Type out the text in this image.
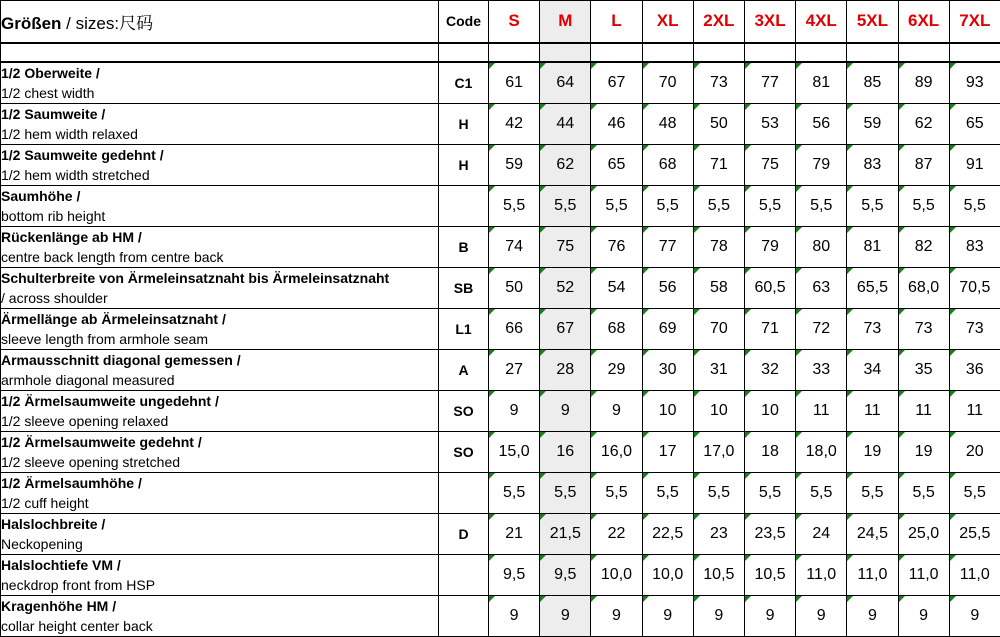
Größen / sizes:尺码	Code	S	M	L	XL	2XL	3XL	4XL	5XL	6XL	7XL

1/2 Oberweite /
1/2 chest width	C1	61	64	67	70	73	77	81	85	89	93

1/2 Saumweite /
1/2 hem width relaxed	H	42	44	46	48	50	53	56	59	62	65

1/2 Saumweite gedehnt /
1/2 hem width stretched	H	59	62	65	68	71	75	79	83	87	91

Saumhöhe /
bottom rib height		5,5	5,5	5,5	5,5	5,5	5,5	5,5	5,5	5,5	5,5

Rückenlänge ab HM /
centre back length from centre back	B	74	75	76	77	78	79	80	81	82	83

Schulterbreite von Ärmeleinsatznaht bis Ärmeleinsatznaht
/ across shoulder	SB	50	52	54	56	58	60,5	63	65,5	68,0	70,5

Ärmellänge ab Ärmeleinsatznaht /
sleeve length from armhole seam	L1	66	67	68	69	70	71	72	73	73	73

Armausschnitt diagonal gemessen /
armhole diagonal measured	A	27	28	29	30	31	32	33	34	35	36

1/2 Ärmelsaumweite ungedehnt /
1/2 sleeve opening relaxed	SO	9	9	9	10	10	10	11	11	11	11

1/2 Ärmelsaumweite gedehnt /
1/2 sleeve opening stretched	SO	15,0	16	16,0	17	17,0	18	18,0	19	19	20

1/2 Ärmelsaumhöhe /
1/2 cuff height		5,5	5,5	5,5	5,5	5,5	5,5	5,5	5,5	5,5	5,5

Halslochbreite /
Neckopening	D	21	21,5	22	22,5	23	23,5	24	24,5	25,0	25,5

Halslochtiefe VM /
neckdrop front from HSP		9,5	9,5	10,0	10,0	10,5	10,5	11,0	11,0	11,0	11,0

Kragenhöhe HM /
collar height center back		9	9	9	9	9	9	9	9	9	9
